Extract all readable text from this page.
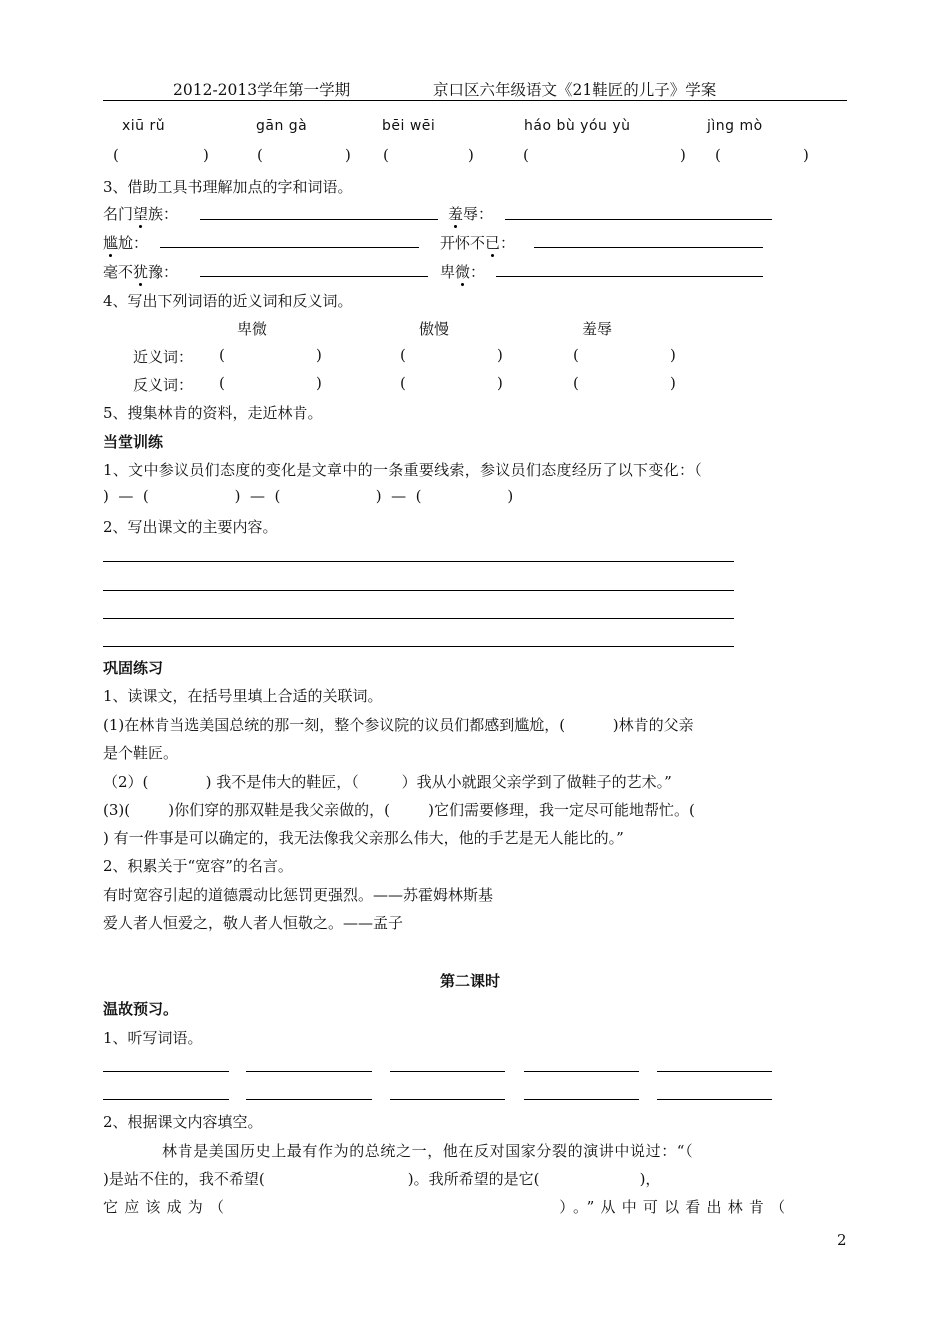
2012-2013学年第一学期	京口区六年级语文《21鞋匠的儿子》学案
xiū rǔ	gān gà	bēi wēi	háo bù yóu yù	jìng mò
(	)	(	) (	)	(	) (	)
3、借助工具书理解加点的字和词语。
名门望族：	羞辱：
尴尬：	开怀不已：
毫不犹豫：	卑微：
4、写出下列词语的近义词和反义词。
卑微	傲慢	羞辱
近义词： (	)	(	)	(	)
反义词： (	)	(	)	(	)
5、搜集林肯的资料，走近林肯。
当堂训练
1、文中参议员们态度的变化是文章中的一条重要线索，参议员们态度经历了以下变化：（
)  —  (                  )  —  (                    )  —  (                  )
2、写出课文的主要内容。
巩固练习
1、读课文，在括号里填上合适的关联词。
(1)在林肯当选美国总统的那一刻，整个参议院的议员们都感到尴尬，(          )林肯的父亲
是个鞋匠。
（2）(            ) 我不是伟大的鞋匠，（         ）我从小就跟父亲学到了做鞋子的艺术。”
(3)(        )你们穿的那双鞋是我父亲做的，(        )它们需要修理，我一定尽可能地帮忙。(
) 有一件事是可以确定的，我无法像我父亲那么伟大，他的手艺是无人能比的。”
2、积累关于“宽容”的名言。
有时宽容引起的道德震动比惩罚更强烈。——苏霍姆林斯基
爱人者人恒爱之，敬人者人恒敬之。——孟子
第二课时
温故预习。
1、听写词语。
2、根据课文内容填空。
林肯是美国历史上最有作为的总统之一，他在反对国家分裂的演讲中说过：“（
)是站不住的，我不希望(                              )。我所希望的是它(                     )，
它应该成为（                              ）。”从中可以看出林肯（
2
